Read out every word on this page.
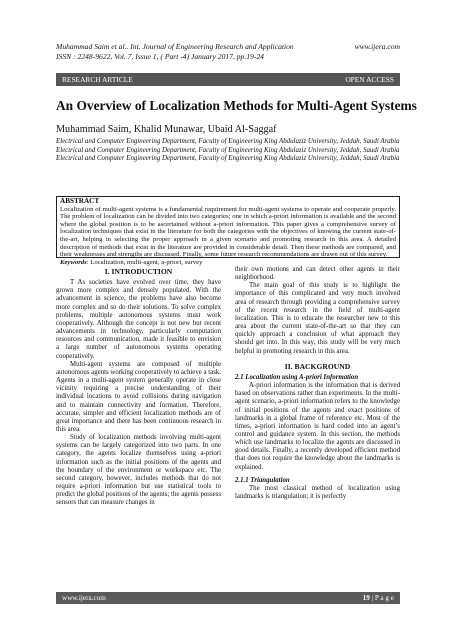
Muhammad Saim et al.. Int. Journal of Engineering Research and Application	www.ijera.com
ISSN : 2248-9622, Vol. 7, Issue 1, ( Part -4) January 2017, pp.19-24
RESEARCH ARTICLE	OPEN ACCESS
An Overview of Localization Methods for Multi-Agent Systems
Muhammad Saim, Khalid Munawar, Ubaid Al-Saggaf
Electrical and Computer Engineering Department, Faculty of Engineering King Abdulaziz University, Jeddah, Saudi Arabia
Electrical and Computer Engineering Department, Faculty of Engineering King Abdulaziz University, Jeddah, Saudi Arabia
Electrical and Computer Engineering Department, Faculty of Engineering King Abdulaziz University, Jeddah, Saudi Arabia
ABSTRACT
Localization of multi-agent systems is a fundamental requirement for multi-agent systems to operate and cooperate properly. The problem of localization can be divided into two categories; one in which a-priori information is available and the second where the global position is to be ascertained without a-priori information. This paper gives a comprehensive survey of localization techniques that exist in the literature for both the categories with the objectives of knowing the current state-of-the-art, helping in selecting the proper approach in a given scenario and promoting research in this area. A detailed description of methods that exist in the literature are provided in considerable detail. Then these methods are compared, and their weaknesses and strengths are discussed. Finally, some future research recommendations are drawn out of this survey.
Keywords: Localization, multi-agent, a-priori, survey

I. INTRODUCTION

T As societies have evolved over time, they have grown more complex and densely populated. With the advancement in science, the problems have also become more complex and so do their solutions. To solve complex problems, multiple autonomous systems must work cooperatively. Although the concept is not new but recent advancements in technology, particularly computation resources and communication, made it feasible to envision a large number of autonomous systems operating cooperatively.

Multi-agent systems are composed of multiple autonomous agents working cooperatively to achieve a task. Agents in a multi-agent system generally operate in close vicinity requiring a precise understanding of their individual locations to avoid collisions during navigation and to maintain connectivity and formation. Therefore, accurate, simpler and efficient localization methods are of great importance and there has been continuous research in this area.

Study of localization methods involving multi-agent systems can be largely categorized into two parts. In one category, the agents localize themselves using a-priori information such as the initial positions of the agents and the boundary of the environment or workspace etc. The second category, however, includes methods that do not require a-priori information but use statistical tools to predict the global positions of the agents; the agents possess sensors that can measure changes in

their own motions and can detect other agents in their neighborhood.

The main goal of this study is to highlight the importance of this complicated and very much involved area of research through providing a comprehensive survey of the recent research in the field of multi-agent localization. This is to educate the researcher new to this area about the current state-of-the-art so that they can quickly approach a conclusion of what approach they should get into. In this way, this study will be very much helpful in promoting research in this area.

II. BACKGROUND

2.1 Localization using A-priori Information

A-priori information is the information that is derived based on observations rather than experiments. In the multi-agent scenario, a-priori information refers to the knowledge of initial positions of the agents and exact positions of landmarks in a global frame of reference etc. Most of the times, a-priori information is hard coded into an agent’s control and guidance system. In this section, the methods which use landmarks to localize the agents are discussed in good details. Finally, a recently developed efficient method that does not require the knowledge about the landmarks is explained.

2.1.1 Triangulation

The most classical method of localization using landmarks is triangulation; it is perfectly

www.ijera.com	19 | P a g e
